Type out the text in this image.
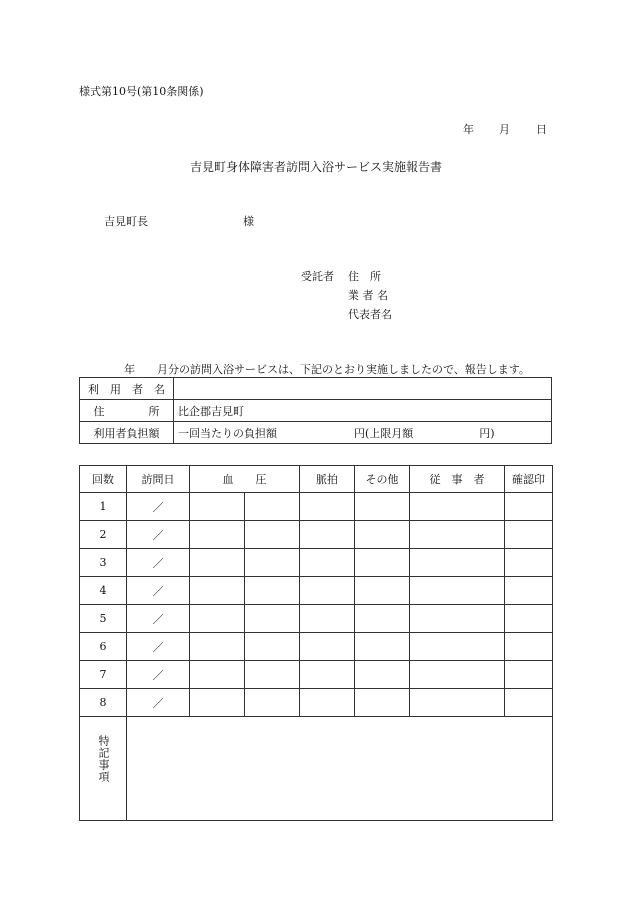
様式第10号(第10条関係)
年 月 日
吉見町身体障害者訪問入浴サービス実施報告書
吉見町長	様
受託者 住　所
業 者 名
代表者名
年　　月分の訪問入浴サービスは、下記のとおり実施しましたので、報告します。
利　用　者　名	
住　　　　所	比企郡吉見町
利用者負担額	一回当たりの負担額　　　　　　　円(上限月額　　　　　　円)
回数	訪問日	血　　圧		脈拍	その他	従　事　者	確認印
1	／						
2	／						
3	／						
4	／						
5	／						
6	／						
7	／						
8	／						
特記事項							
